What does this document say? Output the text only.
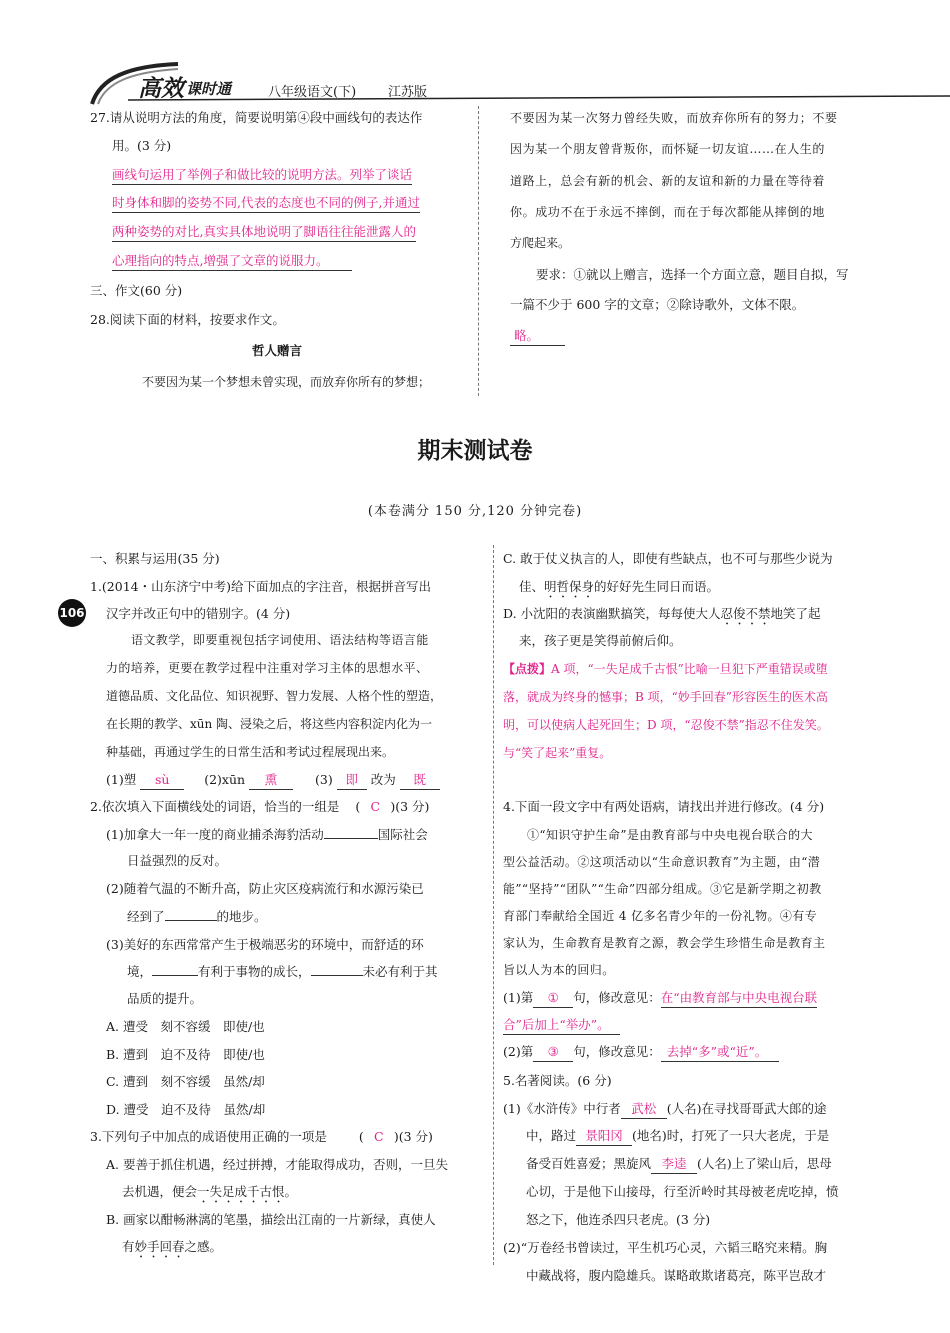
高效 课时通	八年级语文(下) 江苏版
27.请从说明方法的角度，简要说明第④段中画线句的表达作
用。(3 分)
画线句运用了举例子和做比较的说明方法。列举了谈话
时身体和脚的姿势不同,代表的态度也不同的例子,并通过
两种姿势的对比,真实具体地说明了脚语往往能泄露人的
心理指向的特点,增强了文章的说服力。
三、作文(60 分)
28.阅读下面的材料，按要求作文。
哲人赠言
不要因为某一个梦想未曾实现，而放弃你所有的梦想；
不要因为某一次努力曾经失败，而放弃你所有的努力；不要
因为某一个朋友曾背叛你，而怀疑一切友谊……在人生的
道路上，总会有新的机会、新的友谊和新的力量在等待着
你。成功不在于永远不摔倒，而在于每次都能从摔倒的地
方爬起来。
要求：①就以上赠言，选择一个方面立意，题目自拟，写
一篇不少于 600 字的文章；②除诗歌外，文体不限。
略。
期末测试卷
(本卷满分 150 分,120 分钟完卷)
106
一、积累与运用(35 分)
1.(2014・山东济宁中考)给下面加点的字注音，根据拼音写出
汉字并改正句中的错别字。(4 分)
语文教学，即要重视包括字词使用、语法结构等语言能
力的培养，更要在教学过程中注重对学习主体的思想水平、
道德品质、文化品位、知识视野、智力发展、人格个性的塑造，
在长期的教学、xūn 陶、浸染之后，将这些内容积淀内化为一
种基础，再通过学生的日常生活和考试过程展现出来。
(1)塑 sù	(2)xūn 熏	(3) 即 改为 既
2.依次填入下面横线处的词语，恰当的一组是 ( C )(3 分)
(1)加拿大一年一度的商业捕杀海豹活动	国际社会
日益强烈的反对。
(2)随着气温的不断升高，防止灾区疫病流行和水源污染已
经到了	的地步。
(3)美好的东西常常产生于极端恶劣的环境中，而舒适的环
境，	有利于事物的成长，	未必有利于其
品质的提升。
A. 遭受　刻不容缓　即使/也
B. 遭到　迫不及待　即使/也
C. 遭到　刻不容缓　虽然/却
D. 遭受　迫不及待　虽然/却
3.下列句子中加点的成语使用正确的一项是	( C )(3 分)
A. 要善于抓住机遇，经过拼搏，才能取得成功，否则，一旦失
去机遇，便会一失足成千古恨。
B. 画家以酣畅淋漓的笔墨，描绘出江南的一片新绿，真使人
有妙手回春之感。
C. 敢于仗义执言的人，即使有些缺点，也不可与那些少说为
佳、明哲保身的好好先生同日而语。
D. 小沈阳的表演幽默搞笑，每每使大人忍俊不禁地笑了起
来，孩子更是笑得前俯后仰。
【点拨】A 项，“一失足成千古恨”比喻一旦犯下严重错误或堕
落，就成为终身的憾事；B 项，“妙手回春”形容医生的医术高
明，可以使病人起死回生；D 项，“忍俊不禁”指忍不住发笑。
与“笑了起来”重复。
4.下面一段文字中有两处语病，请找出并进行修改。(4 分)
①“知识守护生命”是由教育部与中央电视台联合的大
型公益活动。②这项活动以“生命意识教育”为主题，由“潜
能”“坚持”“团队”“生命”四部分组成。③它是新学期之初教
育部门奉献给全国近 4 亿多名青少年的一份礼物。④有专
家认为，生命教育是教育之源，教会学生珍惜生命是教育主
旨以人为本的回归。
(1)第 ① 句，修改意见：在“由教育部与中央电视台联
合”后加上“举办”。
(2)第 ③ 句，修改意见： 去掉“多”或“近”。
5.名著阅读。(6 分)
(1)《水浒传》中行者 武松 (人名)在寻找哥哥武大郎的途
中，路过 景阳冈 (地名)时，打死了一只大老虎，于是
备受百姓喜爱；黑旋风 李逵 (人名)上了梁山后，思母
心切，于是他下山接母，行至沂岭时其母被老虎吃掉，愤
怒之下，他连杀四只老虎。(3 分)
(2)“万卷经书曾读过，平生机巧心灵，六韬三略究来精。胸
中藏战将，腹内隐雄兵。谋略敢欺诸葛亮，陈平岂敌才
